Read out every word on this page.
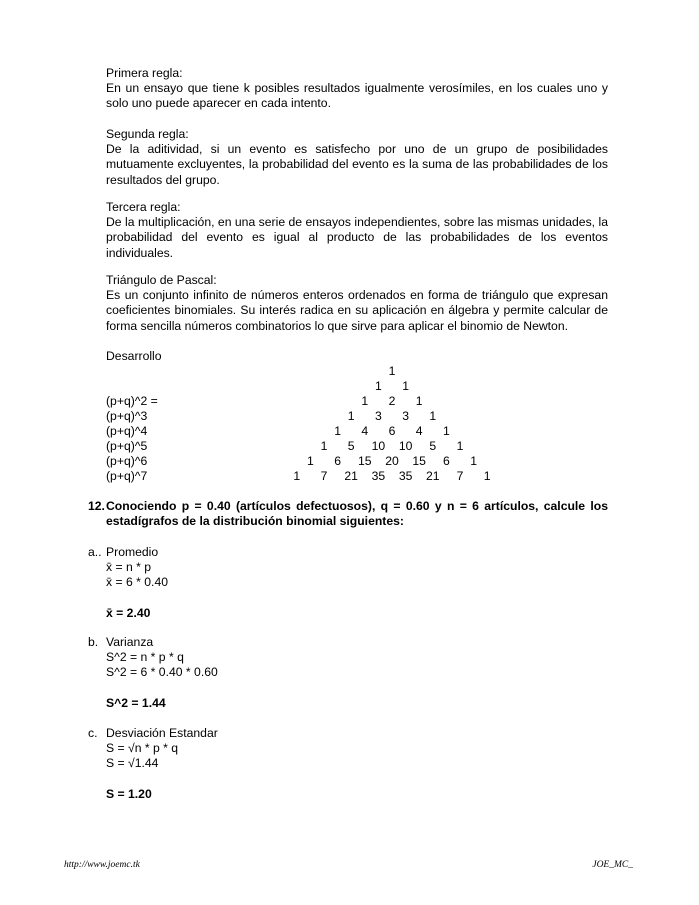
Primera regla:
En un ensayo que tiene k posibles resultados igualmente verosímiles, en los cuales uno y solo uno puede aparecer en cada intento.
Segunda regla:
De la aditividad, si un evento es satisfecho por uno de un grupo de posibilidades mutuamente excluyentes, la probabilidad del evento es la suma de las probabilidades de los resultados del grupo.
Tercera regla:
De la multiplicación, en una serie de ensayos independientes, sobre las mismas unidades, la probabilidad del evento es igual al producto de las probabilidades de los eventos individuales.
Triángulo de Pascal:
Es un conjunto infinito de números enteros ordenados en forma de triángulo que expresan coeficientes binomiales. Su interés radica en su aplicación en álgebra y permite calcular de forma sencilla números combinatorios lo que sirve para aplicar el binomio de Newton.
Desarrollo
(p+q)^2 =
(p+q)^3
(p+q)^4
(p+q)^5
(p+q)^6
(p+q)^7
1
1 1
1 2 1
1 3 3 1
1 4 6 4 1
1 5 10 10 5 1
1 6 15 20 15 6 1
1 7 21 35 35 21 7 1
12. Conociendo p = 0.40 (artículos defectuosos), q = 0.60 y n = 6 artículos, calcule los estadígrafos de la distribución binomial siguientes:
a.. Promedio
x̄ = n * p
x̄ = 6 * 0.40
x̄ = 2.40
b. Varianza
S^2 = n * p * q
S^2 = 6 * 0.40 * 0.60
S^2 = 1.44
c. Desviación Estandar
S = √n * p * q
S = √1.44
S = 1.20
http://www.joemc.tk	JOE_MC_
